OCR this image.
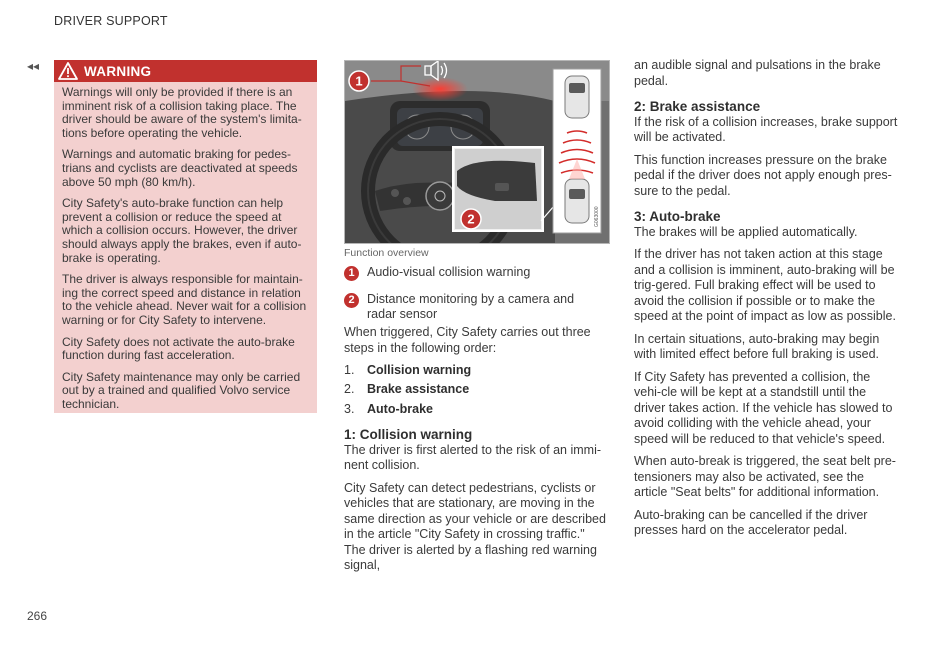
DRIVER SUPPORT
◂◂	WARNING

Warnings will only be provided if there is an imminent risk of a collision taking place. The driver should be aware of the system's limita-tions before operating the vehicle.

Warnings and automatic braking for pedes-trians and cyclists are deactivated at speeds above 50 mph (80 km/h).

City Safety's auto-brake function can help prevent a collision or reduce the speed at which a collision occurs. However, the driver should always apply the brakes, even if auto-brake is operating.

The driver is always responsible for maintain-ing the correct speed and distance in relation to the vehicle ahead. Never wait for a collision warning or for City Safety to intervene.

City Safety does not activate the auto-brake function during fast acceleration.

City Safety maintenance may only be carried out by a trained and qualified Volvo service technician.

1
2	G063000
Function overview
1 Audio-visual collision warning
2 Distance monitoring by a camera and radar sensor

When triggered, City Safety carries out three steps in the following order:

1.	Collision warning
2.	Brake assistance
3.	Auto-brake

1: Collision warning

The driver is first alerted to the risk of an immi-nent collision.

City Safety can detect pedestrians, cyclists or vehicles that are stationary, are moving in the same direction as your vehicle or are described in the article "City Safety in crossing traffic." The driver is alerted by a flashing red warning signal,

an audible signal and pulsations in the brake pedal.

2: Brake assistance

If the risk of a collision increases, brake support will be activated.

This function increases pressure on the brake pedal if the driver does not apply enough pres-sure to the pedal.

3: Auto-brake

The brakes will be applied automatically.

If the driver has not taken action at this stage and a collision is imminent, auto-braking will be trig-gered. Full braking effect will be used to avoid the collision if possible or to make the speed at the point of impact as low as possible.

In certain situations, auto-braking may begin with limited effect before full braking is used.

If City Safety has prevented a collision, the vehi-cle will be kept at a standstill until the driver takes action. If the vehicle has slowed to avoid colliding with the vehicle ahead, your speed will be reduced to that vehicle's speed.

When auto-break is triggered, the seat belt pre-tensioners may also be activated, see the article "Seat belts" for additional information.

Auto-braking can be cancelled if the driver presses hard on the accelerator pedal.

266
